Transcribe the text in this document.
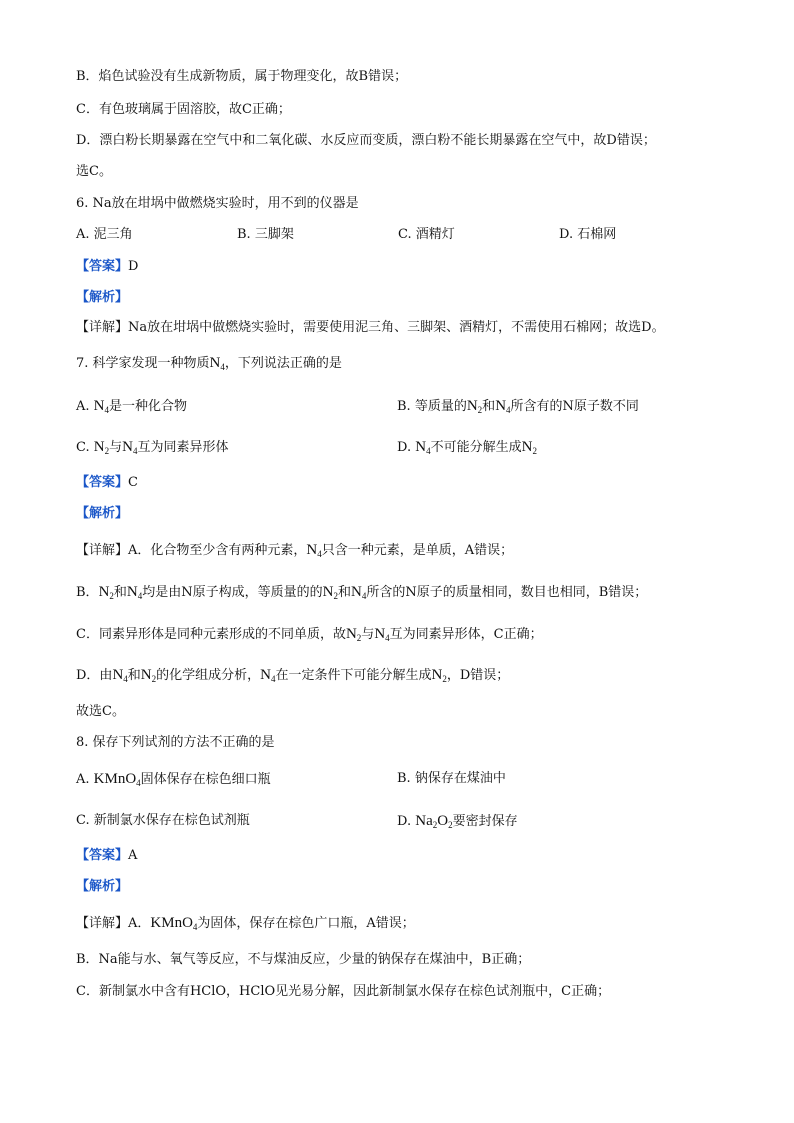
B．焰色试验没有生成新物质，属于物理变化，故B错误；
C．有色玻璃属于固溶胶，故C正确；
D．漂白粉长期暴露在空气中和二氧化碳、水反应而变质，漂白粉不能长期暴露在空气中，故D错误；
选C。
6. Na放在坩埚中做燃烧实验时，用不到的仪器是
A. 泥三角	B. 三脚架	C. 酒精灯	D. 石棉网
【答案】D
【解析】
【详解】Na放在坩埚中做燃烧实验时，需要使用泥三角、三脚架、酒精灯，不需使用石棉网；故选D。
7. 科学家发现一种物质$N_4$，下列说法正确的是
A. $N_4$是一种化合物	B. 等质量的$N_2$和$N_4$所含有的N原子数不同
C. $N_2$与$N_4$互为同素异形体	D. $N_4$不可能分解生成$N_2$
【答案】C
【解析】
【详解】A．化合物至少含有两种元素，$N_4$只含一种元素，是单质，A错误；
B．$N_2$和$N_4$均是由N原子构成，等质量的的$N_2$和$N_4$所含的N原子的质量相同，数目也相同，B错误；
C．同素异形体是同种元素形成的不同单质，故$N_2$与$N_4$互为同素异形体，C正确；
D．由$N_4$和$N_2$的化学组成分析，$N_4$在一定条件下可能分解生成$N_2$，D错误；
故选C。
8. 保存下列试剂的方法不正确的是
A. KMnO$_4$固体保存在棕色细口瓶	B. 钠保存在煤油中
C. 新制氯水保存在棕色试剂瓶	D. $Na_2O_2$要密封保存
【答案】A
【解析】
【详解】A．KMnO$_4$为固体，保存在棕色广口瓶，A错误；
B．Na能与水、氧气等反应，不与煤油反应，少量的钠保存在煤油中，B正确；
C．新制氯水中含有HClO，HClO见光易分解，因此新制氯水保存在棕色试剂瓶中，C正确；
